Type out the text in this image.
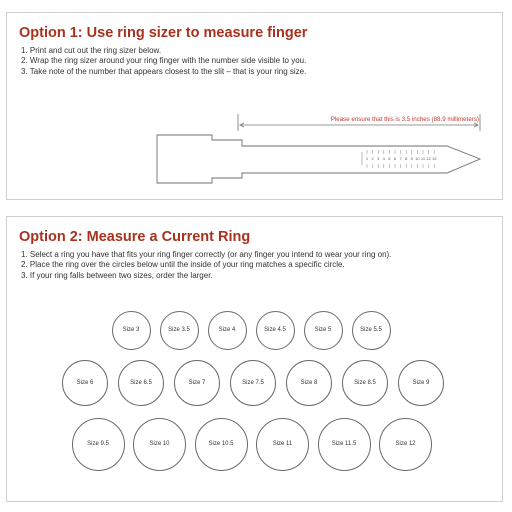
Option 1: Use ring sizer to measure finger
1. Print and cut out the ring sizer below.
2. Wrap the ring sizer around your ring finger with the number side visible to you.
3. Take note of the number that appears closest to the slit – that is your ring size.
Please ensure that this is 3.5 inches (88.9 millimeters)
1 2 3 4 5 6 7 8 9 10 11 12 13
Option 2: Measure a Current Ring
1. Select a ring you have that fits your ring finger correctly (or any finger you intend to wear your ring on).
2. Place the ring over the circles below until the inside of your ring matches a specific circle.
3. If your ring falls between two sizes, order the larger.
Size 3	Size 3.5	Size 4	Size 4.5	Size 5	Size 5.5
Size 6	Size 6.5	Size 7	Size 7.5	Size 8	Size 8.5	Size 9
Size 9.5	Size 10	Size 10.5	Size 11	Size 11.5	Size 12
